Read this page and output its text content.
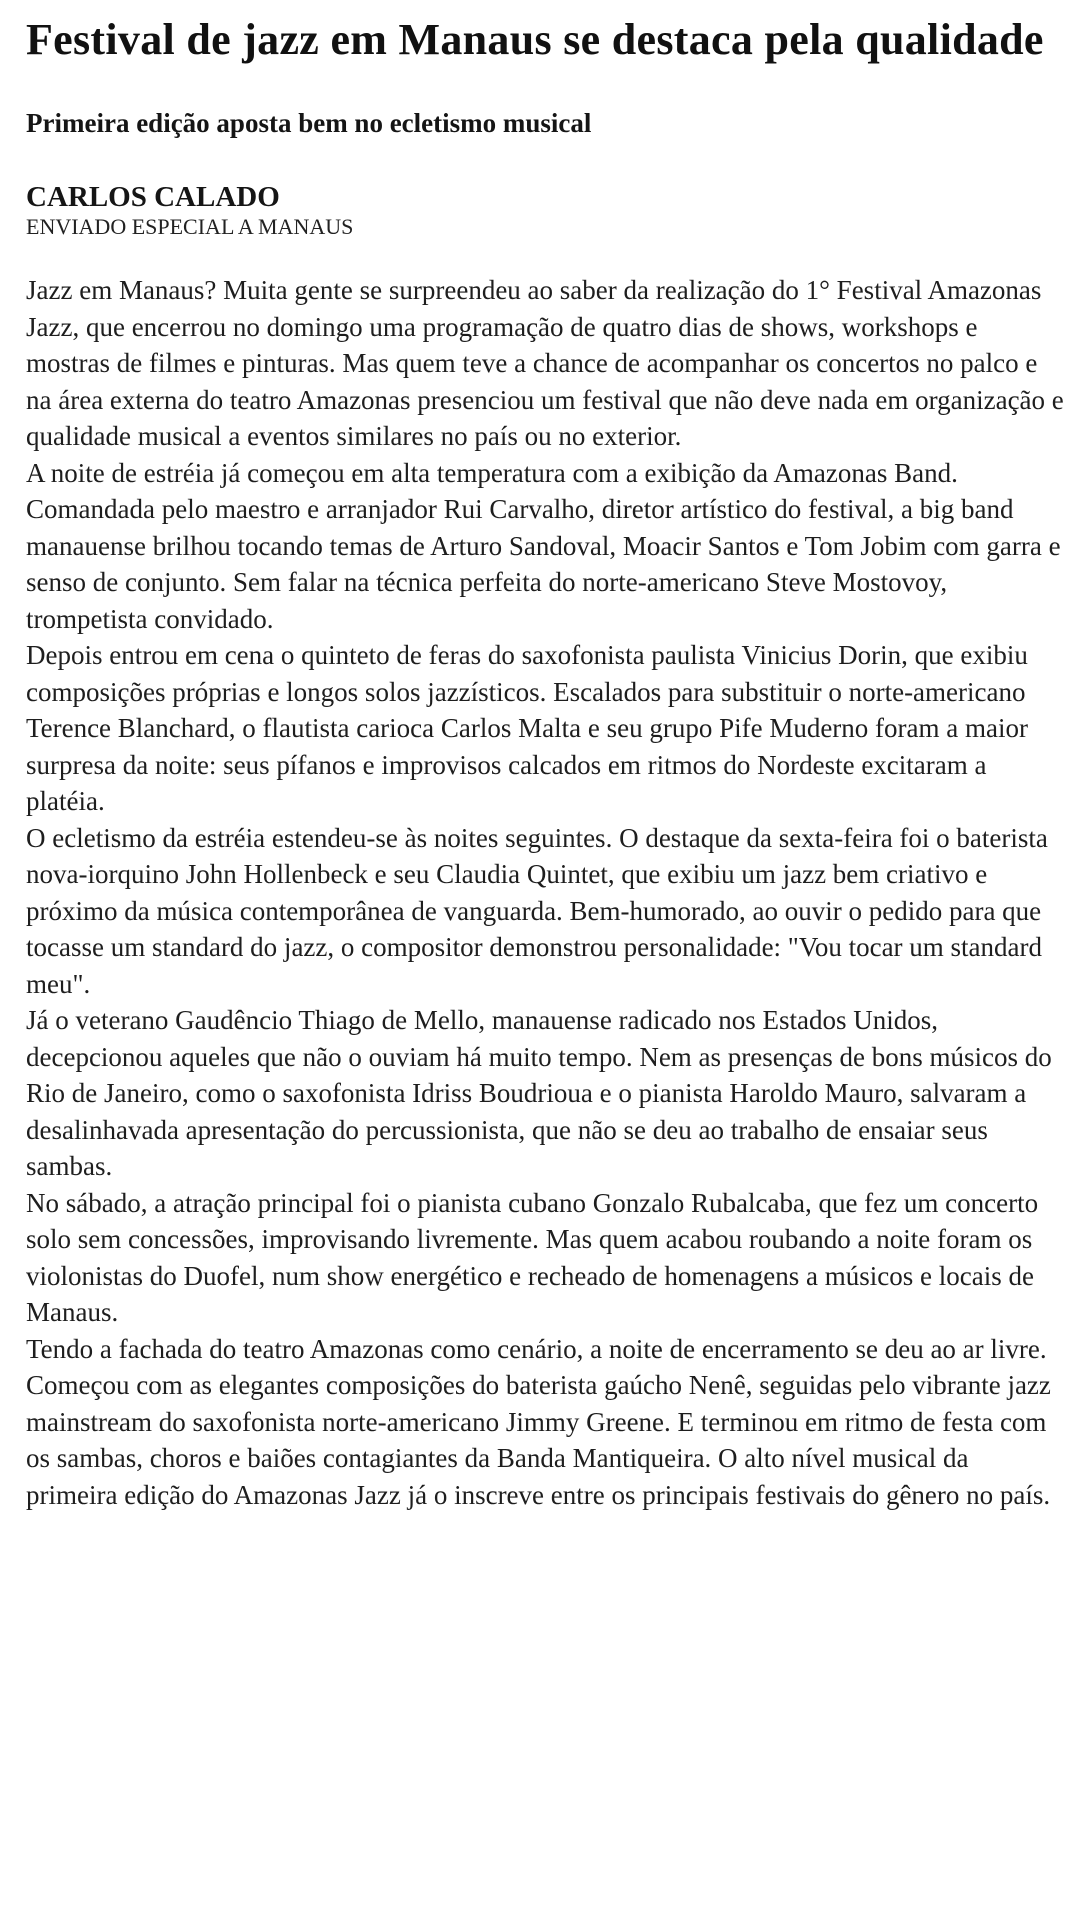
Festival de jazz em Manaus se destaca pela qualidade
Primeira edição aposta bem no ecletismo musical
CARLOS CALADO
ENVIADO ESPECIAL A MANAUS

Jazz em Manaus? Muita gente se surpreendeu ao saber da realização do 1° Festival Amazonas Jazz, que encerrou no domingo uma programação de quatro dias de shows, workshops e mostras de filmes e pinturas. Mas quem teve a chance de acompanhar os concertos no palco e na área externa do teatro Amazonas presenciou um festival que não deve nada em organização e qualidade musical a eventos similares no país ou no exterior.

A noite de estréia já começou em alta temperatura com a exibição da Amazonas Band. Comandada pelo maestro e arranjador Rui Carvalho, diretor artístico do festival, a big band manauense brilhou tocando temas de Arturo Sandoval, Moacir Santos e Tom Jobim com garra e senso de conjunto. Sem falar na técnica perfeita do norte-americano Steve Mostovoy, trompetista convidado.

Depois entrou em cena o quinteto de feras do saxofonista paulista Vinicius Dorin, que exibiu composições próprias e longos solos jazzísticos. Escalados para substituir o norte-americano Terence Blanchard, o flautista carioca Carlos Malta e seu grupo Pife Muderno foram a maior surpresa da noite: seus pífanos e improvisos calcados em ritmos do Nordeste excitaram a platéia.

O ecletismo da estréia estendeu-se às noites seguintes. O destaque da sexta-feira foi o baterista nova-iorquino John Hollenbeck e seu Claudia Quintet, que exibiu um jazz bem criativo e próximo da música contemporânea de vanguarda. Bem-humorado, ao ouvir o pedido para que tocasse um standard do jazz, o compositor demonstrou personalidade: "Vou tocar um standard meu".

Já o veterano Gaudêncio Thiago de Mello, manauense radicado nos Estados Unidos, decepcionou aqueles que não o ouviam há muito tempo. Nem as presenças de bons músicos do Rio de Janeiro, como o saxofonista Idriss Boudrioua e o pianista Haroldo Mauro, salvaram a desalinhavada apresentação do percussionista, que não se deu ao trabalho de ensaiar seus sambas.

No sábado, a atração principal foi o pianista cubano Gonzalo Rubalcaba, que fez um concerto solo sem concessões, improvisando livremente. Mas quem acabou roubando a noite foram os violonistas do Duofel, num show energético e recheado de homenagens a músicos e locais de Manaus.

Tendo a fachada do teatro Amazonas como cenário, a noite de encerramento se deu ao ar livre. Começou com as elegantes composições do baterista gaúcho Nenê, seguidas pelo vibrante jazz mainstream do saxofonista norte-americano Jimmy Greene. E terminou em ritmo de festa com os sambas, choros e baiões contagiantes da Banda Mantiqueira. O alto nível musical da primeira edição do Amazonas Jazz já o inscreve entre os principais festivais do gênero no país.
